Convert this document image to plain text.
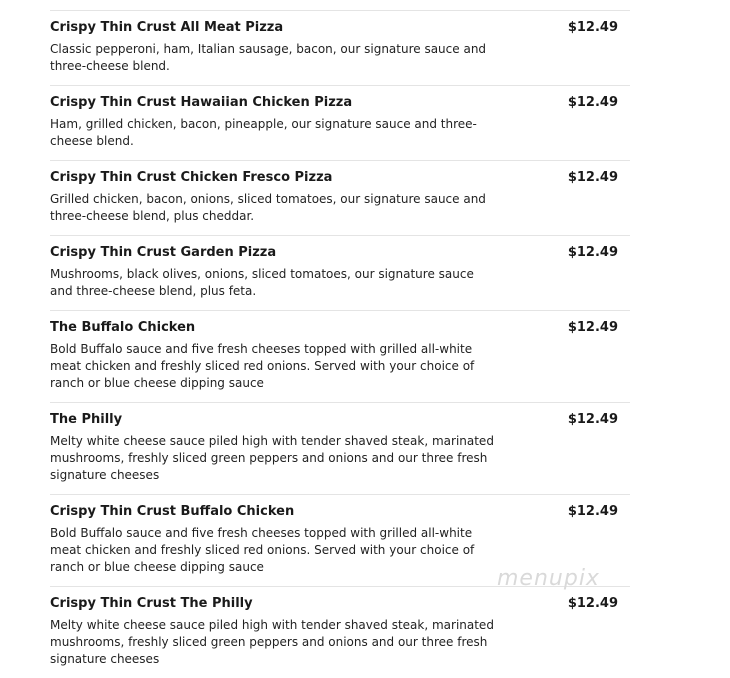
Crispy Thin Crust All Meat Pizza

Classic pepperoni, ham, Italian sausage, bacon, our signature sauce and three-cheese blend.

$12.49
Crispy Thin Crust Hawaiian Chicken Pizza

Ham, grilled chicken, bacon, pineapple, our signature sauce and three-cheese blend.

$12.49
Crispy Thin Crust Chicken Fresco Pizza

Grilled chicken, bacon, onions, sliced tomatoes, our signature sauce and three-cheese blend, plus cheddar.

$12.49
Crispy Thin Crust Garden Pizza

Mushrooms, black olives, onions, sliced tomatoes, our signature sauce and three-cheese blend, plus feta.

$12.49
The Buffalo Chicken

Bold Buffalo sauce and five fresh cheeses topped with grilled all-white meat chicken and freshly sliced red onions. Served with your choice of ranch or blue cheese dipping sauce

$12.49
The Philly

Melty white cheese sauce piled high with tender shaved steak, marinated mushrooms, freshly sliced green peppers and onions and our three fresh signature cheeses

$12.49
Crispy Thin Crust Buffalo Chicken

Bold Buffalo sauce and five fresh cheeses topped with grilled all-white meat chicken and freshly sliced red onions. Served with your choice of ranch or blue cheese dipping sauce

$12.49
Crispy Thin Crust The Philly

Melty white cheese sauce piled high with tender shaved steak, marinated mushrooms, freshly sliced green peppers and onions and our three fresh signature cheeses

$12.49
menupix
